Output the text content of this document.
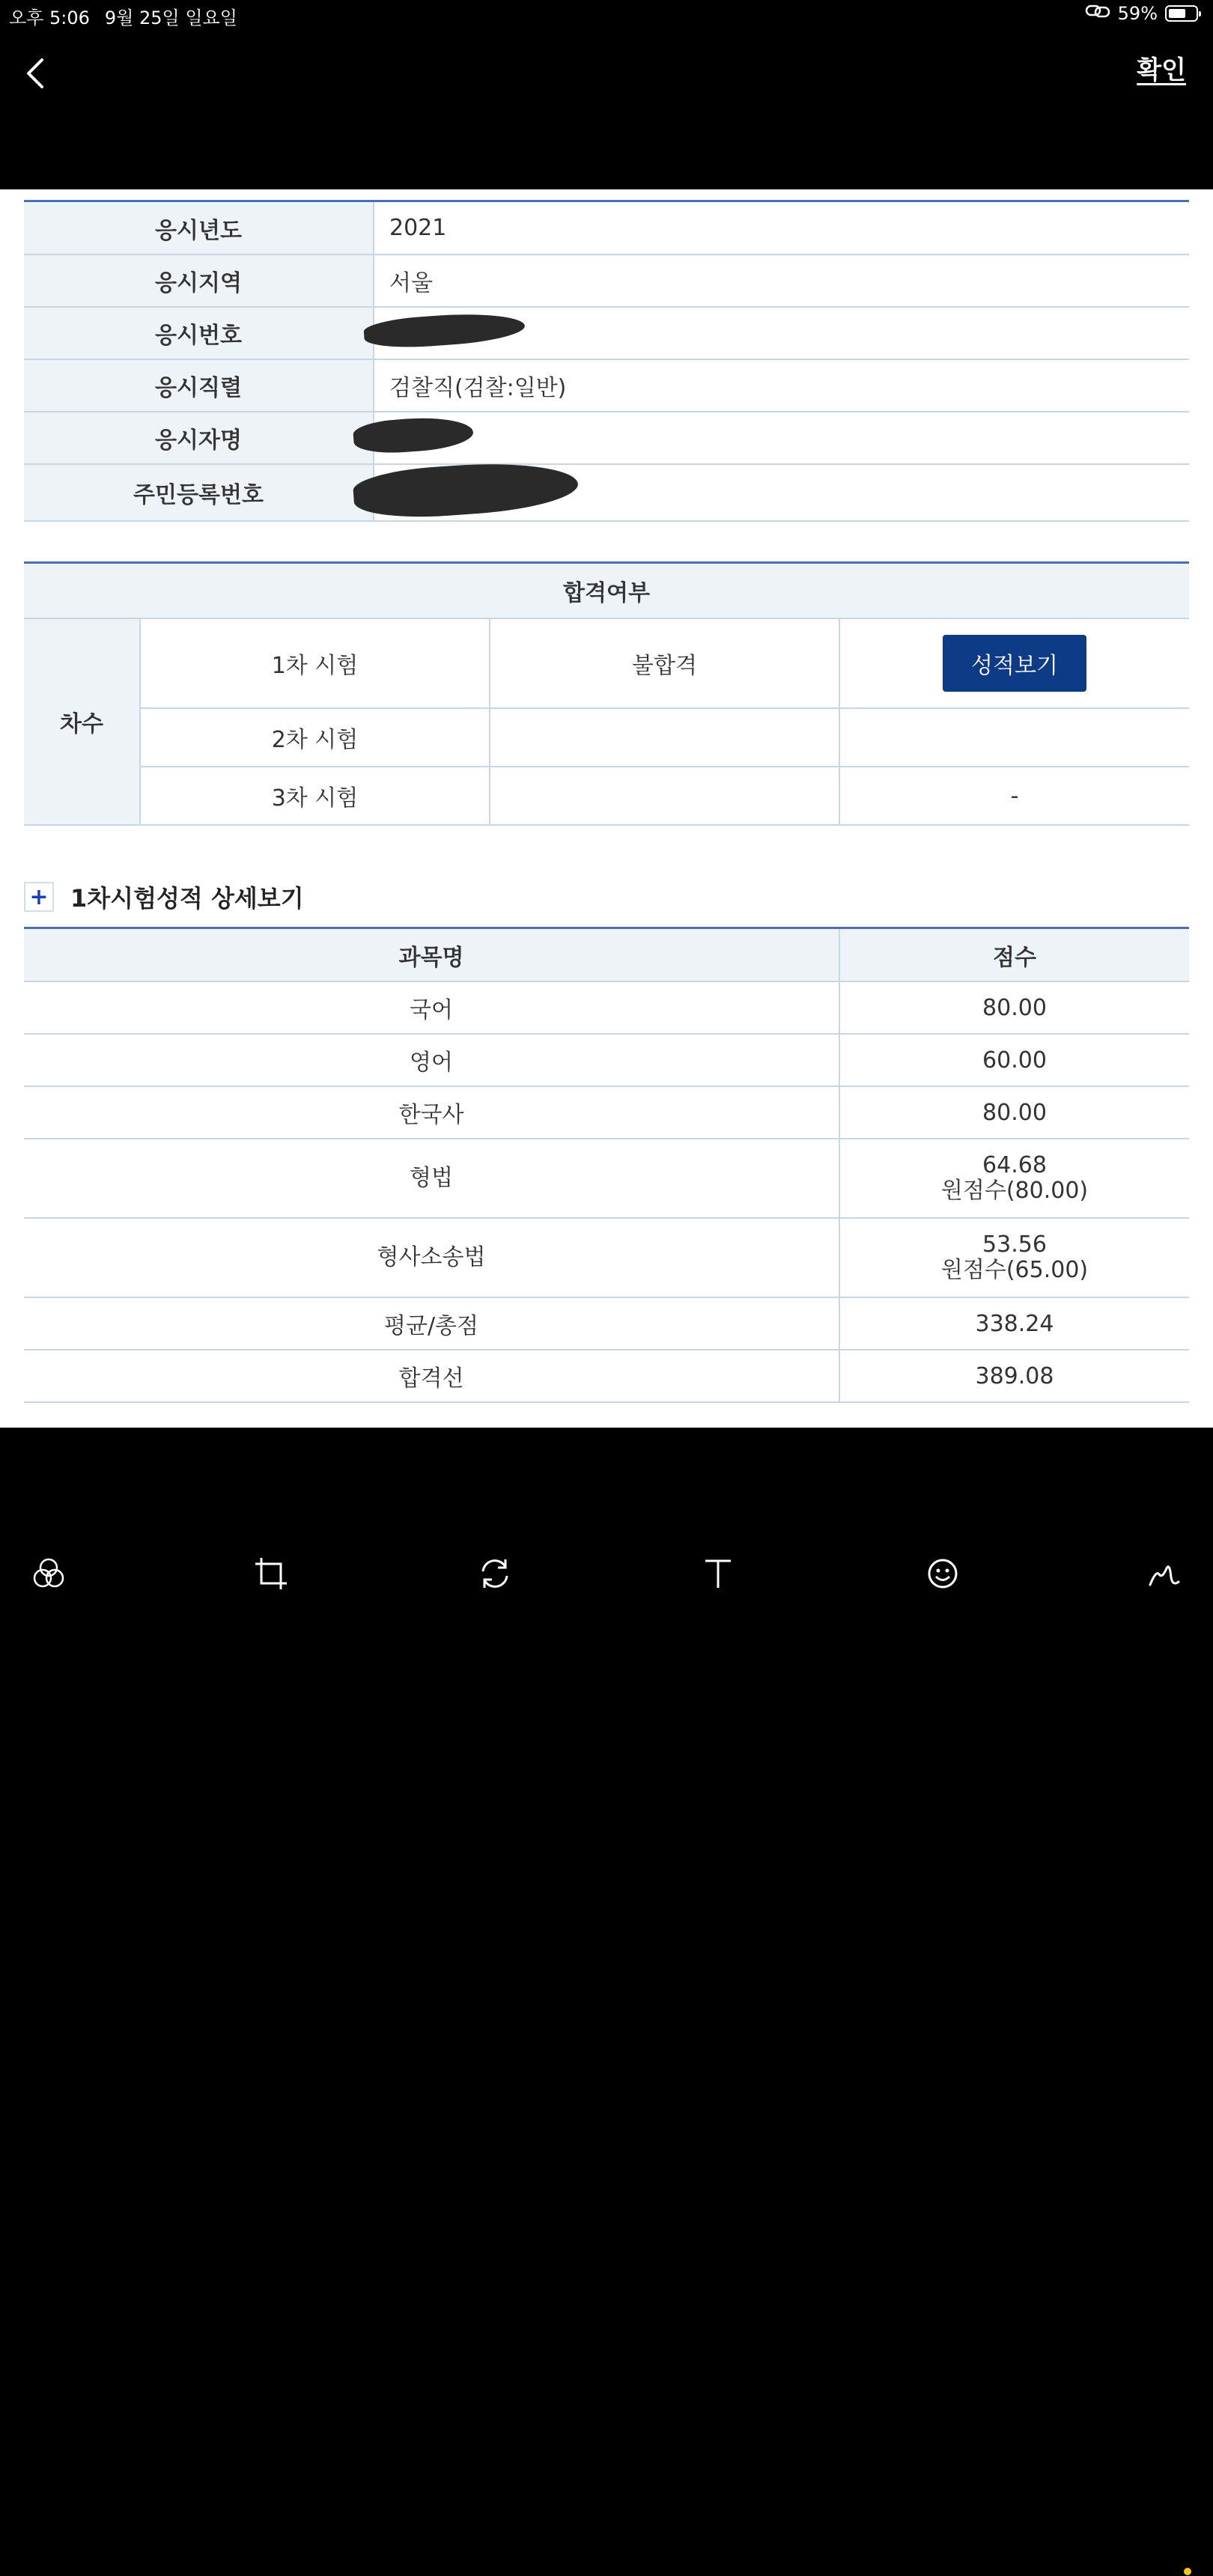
오후 5:06 9월 25일 일요일	59%
확인
응시년도	2021
응시지역	서울
응시번호	
응시직렬	검찰직(검찰:일반)
응시자명	
주민등록번호	
합격여부			
차수	1차 시험	불합격	성적보기
	2차 시험		
	3차 시험		-
+ 1차시험성적 상세보기
과목명	점수
국어	80.00
영어	60.00
한국사	80.00
형법	64.68
원점수(80.00)

형사소송법	53.56
원점수(65.00)

평균/총점	338.24
합격선	389.08
